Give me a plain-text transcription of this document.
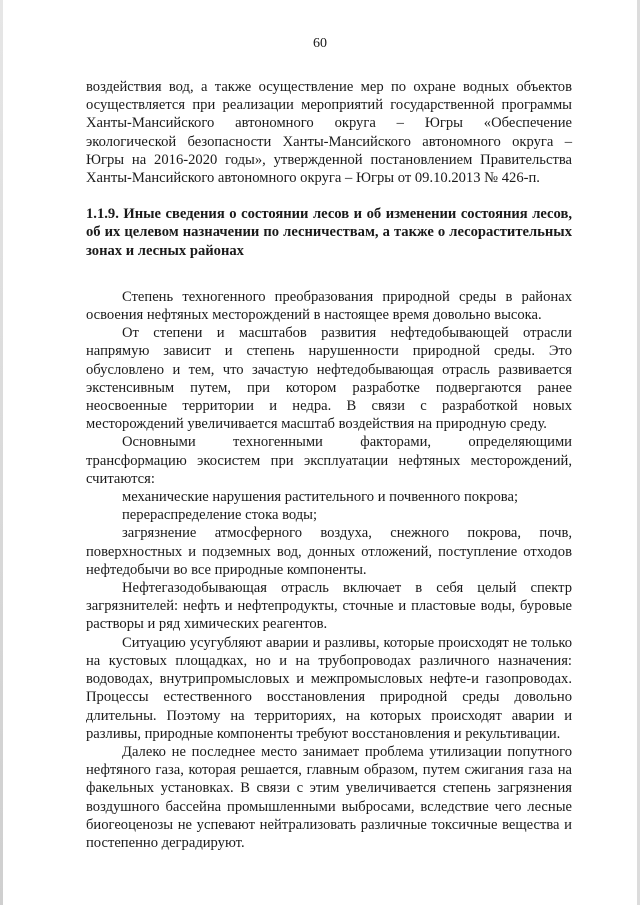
60

воздействия вод, а также осуществление мер по охране водных объектов осуществляется при реализации мероприятий государственной программы Ханты-Мансийского автономного округа – Югры «Обеспечение экологической безопасности Ханты-Мансийского автономного округа – Югры на 2016-2020 годы», утвержденной постановлением Правительства Ханты-Мансийского автономного округа – Югры от 09.10.2013 № 426-п.

1.1.9. Иные сведения о состоянии лесов и об изменении состояния лесов, об их целевом назначении по лесничествам, а также о лесорастительных зонах и лесных районах

Степень техногенного преобразования природной среды в районах освоения нефтяных месторождений в настоящее время довольно высока.

От степени и масштабов развития нефтедобывающей отрасли напрямую зависит и степень нарушенности природной среды. Это обусловлено и тем, что зачастую нефтедобывающая отрасль развивается экстенсивным путем, при котором разработке подвергаются ранее неосвоенные территории и недра. В связи с разработкой новых месторождений увеличивается масштаб воздействия на природную среду.

Основными техногенными факторами, определяющими трансформацию экосистем при эксплуатации нефтяных месторождений, считаются:

механические нарушения растительного и почвенного покрова;

перераспределение стока воды;

загрязнение атмосферного воздуха, снежного покрова, почв, поверхностных и подземных вод, донных отложений, поступление отходов нефтедобычи во все природные компоненты.

Нефтегазодобывающая отрасль включает в себя целый спектр загрязнителей: нефть и нефтепродукты, сточные и пластовые воды, буровые растворы и ряд химических реагентов.

Ситуацию усугубляют аварии и разливы, которые происходят не только на кустовых площадках, но и на трубопроводах различного назначения: водоводах, внутрипромысловых и межпромысловых нефте-и газопроводах. Процессы естественного восстановления природной среды довольно длительны. Поэтому на территориях, на которых происходят аварии и разливы, природные компоненты требуют восстановления и рекультивации.

Далеко не последнее место занимает проблема утилизации попутного нефтяного газа, которая решается, главным образом, путем сжигания газа на факельных установках. В связи с этим увеличивается степень загрязнения воздушного бассейна промышленными выбросами, вследствие чего лесные биогеоценозы не успевают нейтрализовать различные токсичные вещества и постепенно деградируют.
